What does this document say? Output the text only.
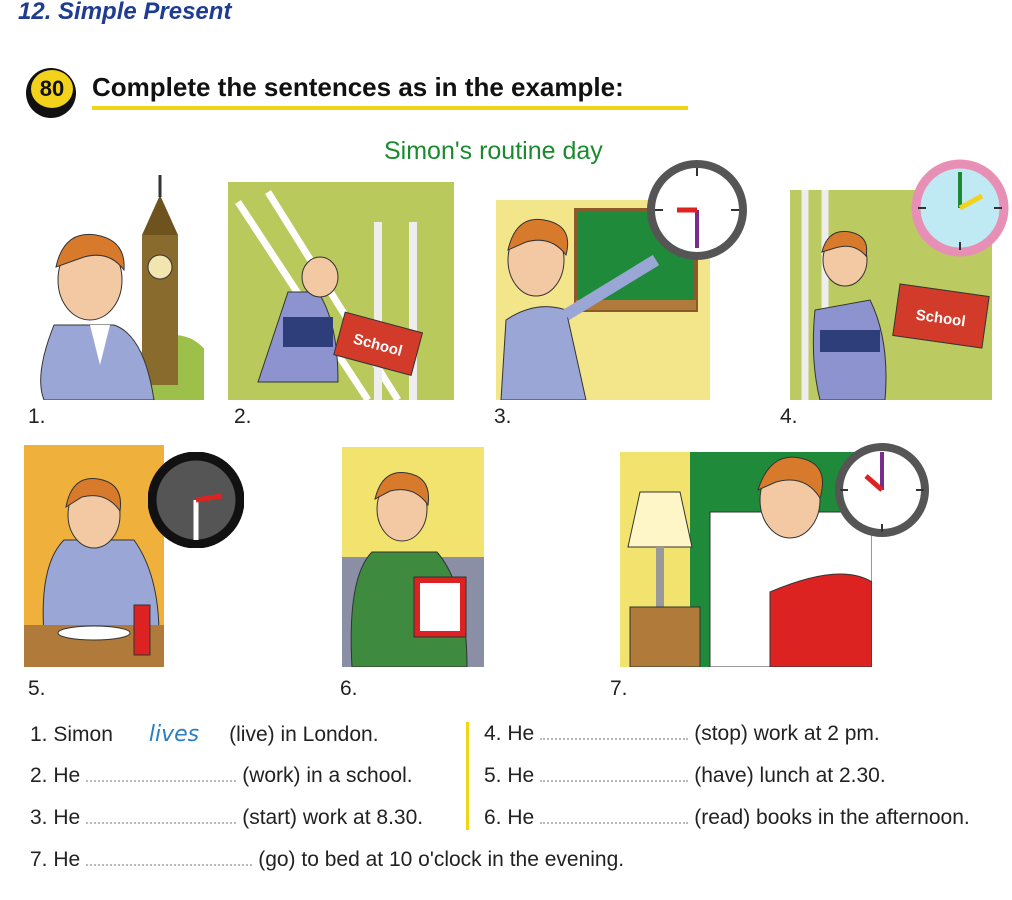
12. Simple Present
80	Complete the sentences as in the example:
Simon's routine day
1.
School
2.	3.
School
4.
5.	6.	7.
1. Simon lives (live) in London.
2. He	(work) in a school.
3. He	(start) work at 8.30.
4. He	(stop) work at 2 pm.
5. He	(have) lunch at 2.30.
6. He	(read) books in the afternoon.
7. He	(go) to bed at 10 o'clock in the evening.
